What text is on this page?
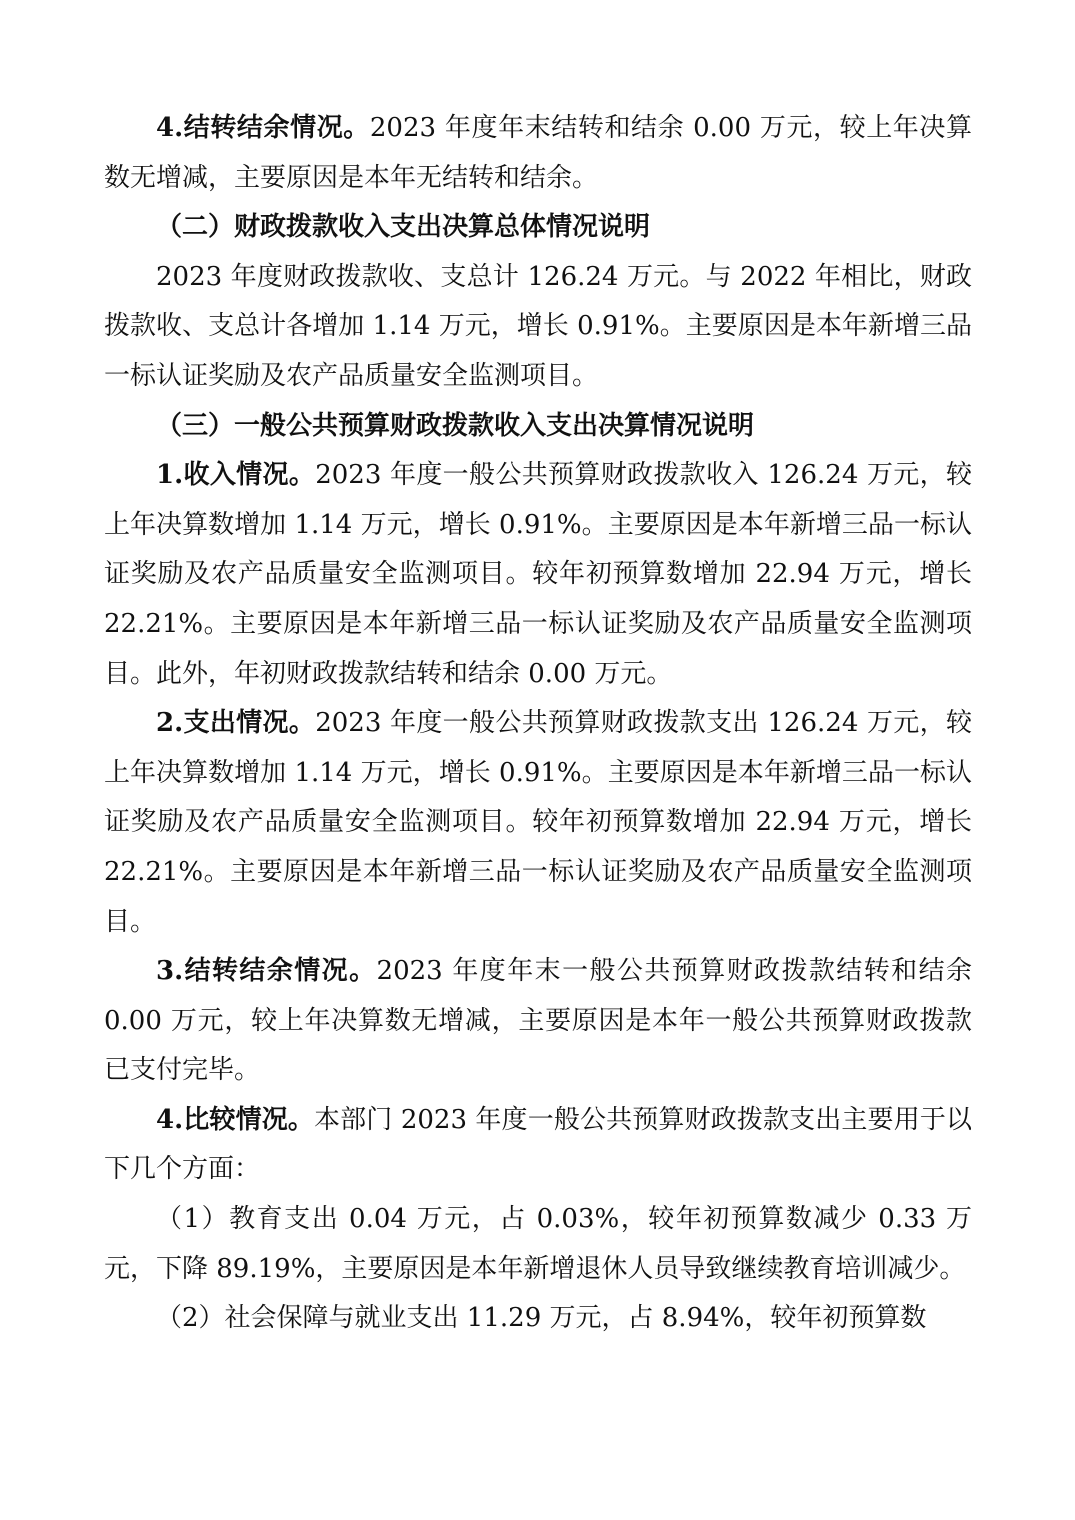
4.结转结余情况。2023 年度年末结转和结余 0.00 万元，较上年决算数无增减，主要原因是本年无结转和结余。

（二）财政拨款收入支出决算总体情况说明

2023 年度财政拨款收、支总计 126.24 万元。与 2022 年相比，财政拨款收、支总计各增加 1.14 万元，增长 0.91%。主要原因是本年新增三品一标认证奖励及农产品质量安全监测项目。

（三）一般公共预算财政拨款收入支出决算情况说明

1.收入情况。2023 年度一般公共预算财政拨款收入 126.24 万元，较上年决算数增加 1.14 万元，增长 0.91%。主要原因是本年新增三品一标认证奖励及农产品质量安全监测项目。较年初预算数增加 22.94 万元，增长 22.21%。主要原因是本年新增三品一标认证奖励及农产品质量安全监测项目。此外，年初财政拨款结转和结余 0.00 万元。

2.支出情况。2023 年度一般公共预算财政拨款支出 126.24 万元，较上年决算数增加 1.14 万元，增长 0.91%。主要原因是本年新增三品一标认证奖励及农产品质量安全监测项目。较年初预算数增加 22.94 万元，增长 22.21%。主要原因是本年新增三品一标认证奖励及农产品质量安全监测项目。

3.结转结余情况。2023 年度年末一般公共预算财政拨款结转和结余 0.00 万元，较上年决算数无增减，主要原因是本年一般公共预算财政拨款已支付完毕。

4.比较情况。本部门 2023 年度一般公共预算财政拨款支出主要用于以下几个方面：

（1）教育支出 0.04 万元，占 0.03%，较年初预算数减少 0.33 万元，下降 89.19%，主要原因是本年新增退休人员导致继续教育培训减少。

（2）社会保障与就业支出 11.29 万元，占 8.94%，较年初预算数
